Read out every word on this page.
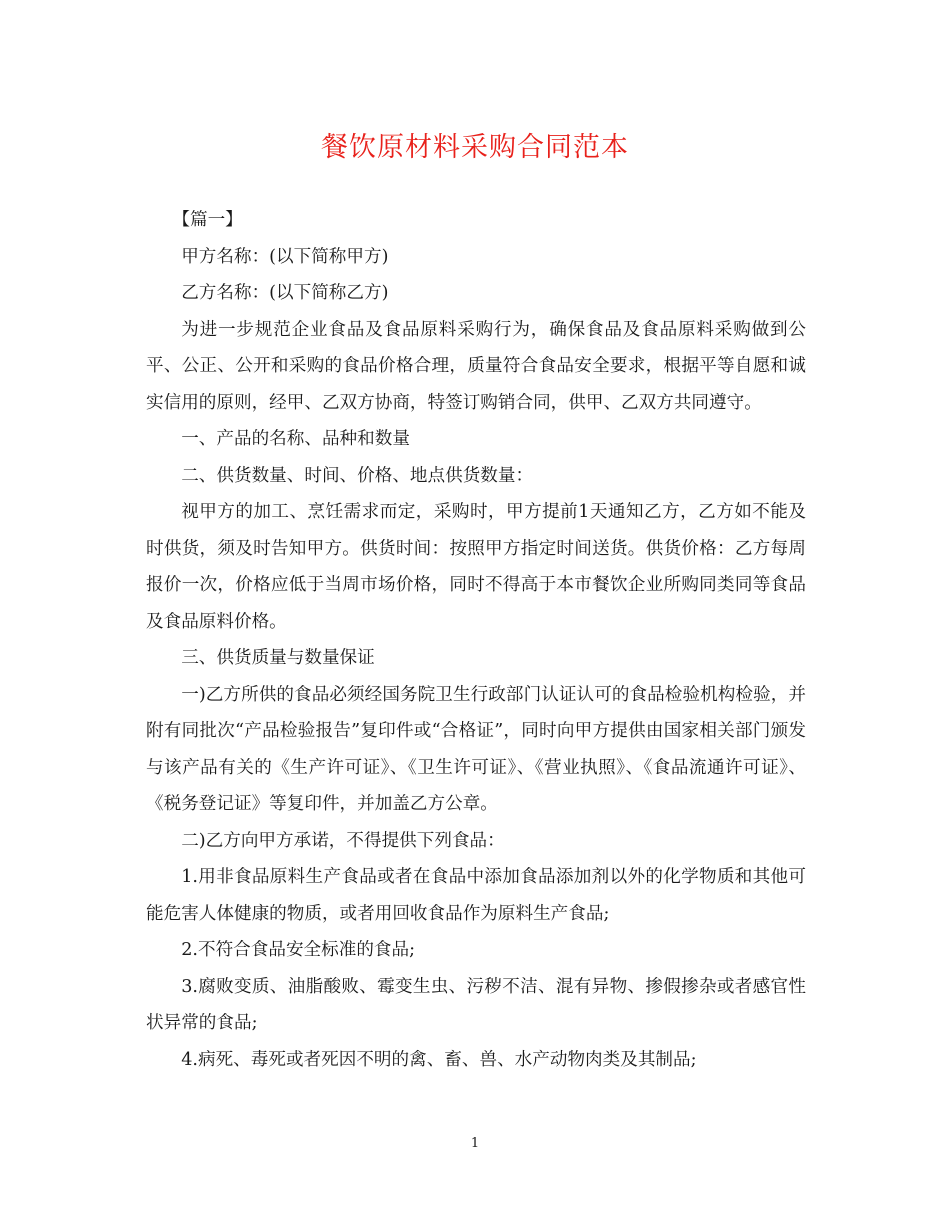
餐饮原材料采购合同范本

【篇一】

甲方名称：(以下简称甲方)

乙方名称：(以下简称乙方)

为进一步规范企业食品及食品原料采购行为，确保食品及食品原料采购做到公平、公正、公开和采购的食品价格合理，质量符合食品安全要求，根据平等自愿和诚实信用的原则，经甲、乙双方协商，特签订购销合同，供甲、乙双方共同遵守。

一、产品的名称、品种和数量

二、供货数量、时间、价格、地点供货数量：

视甲方的加工、烹饪需求而定，采购时，甲方提前1天通知乙方，乙方如不能及时供货，须及时告知甲方。供货时间：按照甲方指定时间送货。供货价格：乙方每周报价一次，价格应低于当周市场价格，同时不得高于本市餐饮企业所购同类同等食品及食品原料价格。

三、供货质量与数量保证

一)乙方所供的食品必须经国务院卫生行政部门认证认可的食品检验机构检验，并附有同批次“产品检验报告”复印件或“合格证”，同时向甲方提供由国家相关部门颁发与该产品有关的《生产许可证》、《卫生许可证》、《营业执照》、《食品流通许可证》、《税务登记证》等复印件，并加盖乙方公章。

二)乙方向甲方承诺，不得提供下列食品：

1.用非食品原料生产食品或者在食品中添加食品添加剂以外的化学物质和其他可能危害人体健康的物质，或者用回收食品作为原料生产食品;

2.不符合食品安全标准的食品;

3.腐败变质、油脂酸败、霉变生虫、污秽不洁、混有异物、掺假掺杂或者感官性状异常的食品;

4.病死、毒死或者死因不明的禽、畜、兽、水产动物肉类及其制品;

1
